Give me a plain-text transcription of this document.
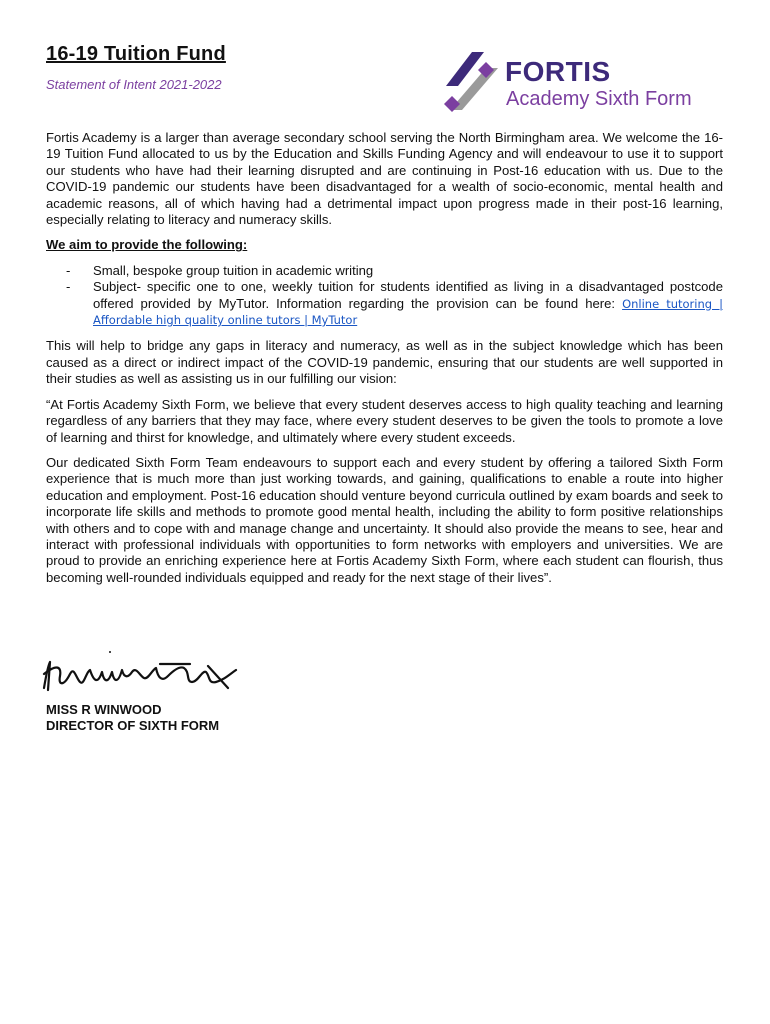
16-19 Tuition Fund
Statement of Intent 2021-2022	FORTIS
Academy Sixth Form

Fortis Academy is a larger than average secondary school serving the North Birmingham area. We welcome the 16-19 Tuition Fund allocated to us by the Education and Skills Funding Agency and will endeavour to use it to support our students who have had their learning disrupted and are continuing in Post-16 education with us. Due to the COVID-19 pandemic our students have been disadvantaged for a wealth of socio-economic, mental health and academic reasons, all of which having had a detrimental impact upon progress made in their post-16 learning, especially relating to literacy and numeracy skills.

We aim to provide the following:

- Small, bespoke group tuition in academic writing
- Subject- specific one to one, weekly tuition for students identified as living in a disadvantaged postcode offered provided by MyTutor. Information regarding the provision can be found here: Online tutoring | Affordable high quality online tutors | MyTutor

This will help to bridge any gaps in literacy and numeracy, as well as in the subject knowledge which has been caused as a direct or indirect impact of the COVID-19 pandemic, ensuring that our students are well supported in their studies as well as assisting us in our fulfilling our vision:

“At Fortis Academy Sixth Form, we believe that every student deserves access to high quality teaching and learning regardless of any barriers that they may face, where every student deserves to be given the tools to promote a love of learning and thirst for knowledge, and ultimately where every student exceeds.

Our dedicated Sixth Form Team endeavours to support each and every student by offering a tailored Sixth Form experience that is much more than just working towards, and gaining, qualifications to enable a route into higher education and employment. Post-16 education should venture beyond curricula outlined by exam boards and seek to incorporate life skills and methods to promote good mental health, including the ability to form positive relationships with others and to cope with and manage change and uncertainty. It should also provide the means to see, hear and interact with professional individuals with opportunities to form networks with employers and universities. We are proud to provide an enriching experience here at Fortis Academy Sixth Form, where each student can flourish, thus becoming well-rounded individuals equipped and ready for the next stage of their lives”.

MISS R WINWOOD
DIRECTOR OF SIXTH FORM
